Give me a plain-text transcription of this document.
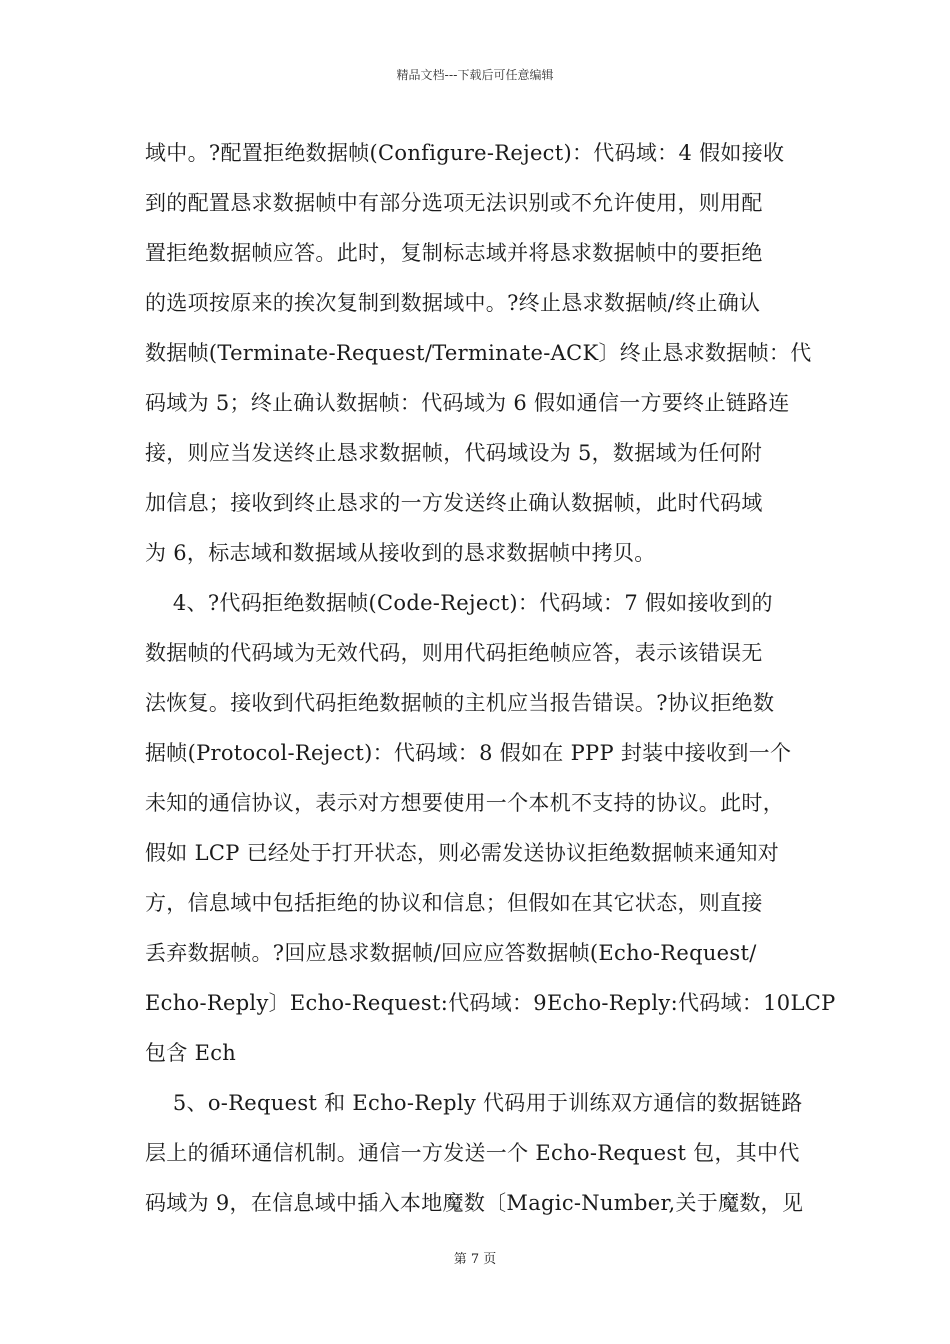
精品文档---下载后可任意编辑
域中。?配置拒绝数据帧(Configure-Reject)：代码域：4 假如接收
到的配置恳求数据帧中有部分选项无法识别或不允许使用，则用配
置拒绝数据帧应答。此时，复制标志域并将恳求数据帧中的要拒绝
的选项按原来的挨次复制到数据域中。?终止恳求数据帧/终止确认
数据帧(Terminate-Request/Terminate-ACK〕终止恳求数据帧：代
码域为 5；终止确认数据帧：代码域为 6 假如通信一方要终止链路连
接，则应当发送终止恳求数据帧，代码域设为 5，数据域为任何附
加信息；接收到终止恳求的一方发送终止确认数据帧，此时代码域
为 6，标志域和数据域从接收到的恳求数据帧中拷贝。
4、?代码拒绝数据帧(Code-Reject)：代码域：7 假如接收到的
数据帧的代码域为无效代码，则用代码拒绝帧应答，表示该错误无
法恢复。接收到代码拒绝数据帧的主机应当报告错误。?协议拒绝数
据帧(Protocol-Reject)：代码域：8 假如在 PPP 封装中接收到一个
未知的通信协议，表示对方想要使用一个本机不支持的协议。此时，
假如 LCP 已经处于打开状态，则必需发送协议拒绝数据帧来通知对
方，信息域中包括拒绝的协议和信息；但假如在其它状态，则直接
丢弃数据帧。?回应恳求数据帧/回应应答数据帧(Echo-Request/
Echo-Reply〕Echo-Request:代码域：9Echo-Reply:代码域：10LCP
包含 Ech
5、o-Request 和 Echo-Reply 代码用于训练双方通信的数据链路
层上的循环通信机制。通信一方发送一个 Echo-Request 包，其中代
码域为 9，在信息域中插入本地魔数〔Magic-Number,关于魔数，见
第 7 页
